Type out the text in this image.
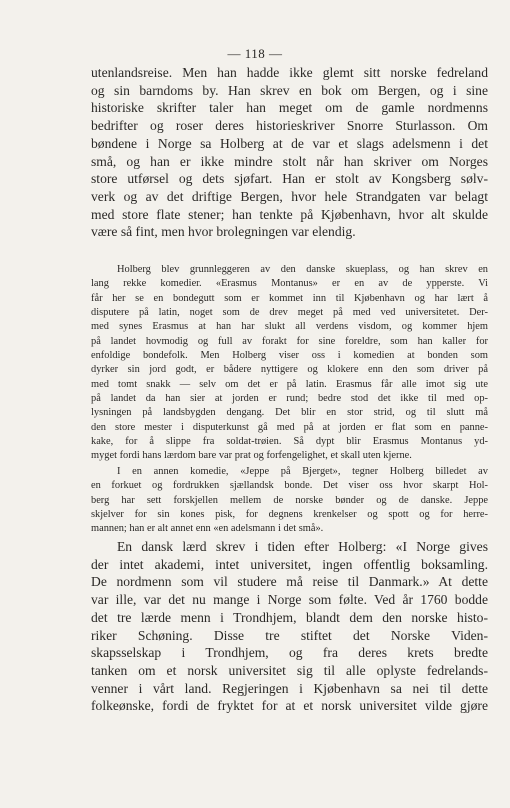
— 118 —
utenlandsreise. Men han hadde ikke glemt sitt norske fedreland
og sin barndoms by. Han skrev en bok om Bergen, og i sine
historiske skrifter taler han meget om de gamle nordmenns
bedrifter og roser deres historieskriver Snorre Sturlasson. Om
bøndene i Norge sa Holberg at de var et slags adelsmenn i det
små, og han er ikke mindre stolt når han skriver om Norges
store utførsel og dets sjøfart. Han er stolt av Kongsberg sølv-
verk og av det driftige Bergen, hvor hele Strandgaten var belagt
med store flate stener; han tenkte på Kjøbenhavn, hvor alt skulde
være så fint, men hvor brolegningen var elendig.
Holberg blev grunnleggeren av den danske skueplass, og han skrev en
lang rekke komedier. «Erasmus Montanus» er en av de ypperste. Vi
får her se en bondegutt som er kommet inn til Kjøbenhavn og har lært å
disputere på latin, noget som de drev meget på med ved universitetet. Der-
med synes Erasmus at han har slukt all verdens visdom, og kommer hjem
på landet hovmodig og full av forakt for sine foreldre, som han kaller for
enfoldige bondefolk. Men Holberg viser oss i komedien at bonden som
dyrker sin jord godt, er bådere nyttigere og klokere enn den som driver på
med tomt snakk — selv om det er på latin. Erasmus får alle imot sig ute
på landet da han sier at jorden er rund; bedre stod det ikke til med op-
lysningen på landsbygden dengang. Det blir en stor strid, og til slutt må
den store mester i disputerkunst gå med på at jorden er flat som en panne-
kake, for å slippe fra soldat-trøien. Så dypt blir Erasmus Montanus yd-
myget fordi hans lærdom bare var prat og forfengelighet, et skall uten kjerne.
I en annen komedie, «Jeppe på Bjerget», tegner Holberg billedet av
en forkuet og fordrukken sjællandsk bonde. Det viser oss hvor skarpt Hol-
berg har sett forskjellen mellem de norske bønder og de danske. Jeppe
skjelver for sin kones pisk, for degnens krenkelser og spott og for herre-
mannen; han er alt annet enn «en adelsmann i det små».
En dansk lærd skrev i tiden efter Holberg: «I Norge gives
der intet akademi, intet universitet, ingen offentlig boksamling.
De nordmenn som vil studere må reise til Danmark.» At dette
var ille, var det nu mange i Norge som følte. Ved år 1760 bodde
det tre lærde menn i Trondhjem, blandt dem den norske histo-
riker Schøning. Disse tre stiftet det Norske Viden-
skapsselskap i Trondhjem, og fra deres krets bredte
tanken om et norsk universitet sig til alle oplyste fedrelands-
venner i vårt land. Regjeringen i Kjøbenhavn sa nei til dette
folkeønske, fordi de fryktet for at et norsk universitet vilde gjøre
